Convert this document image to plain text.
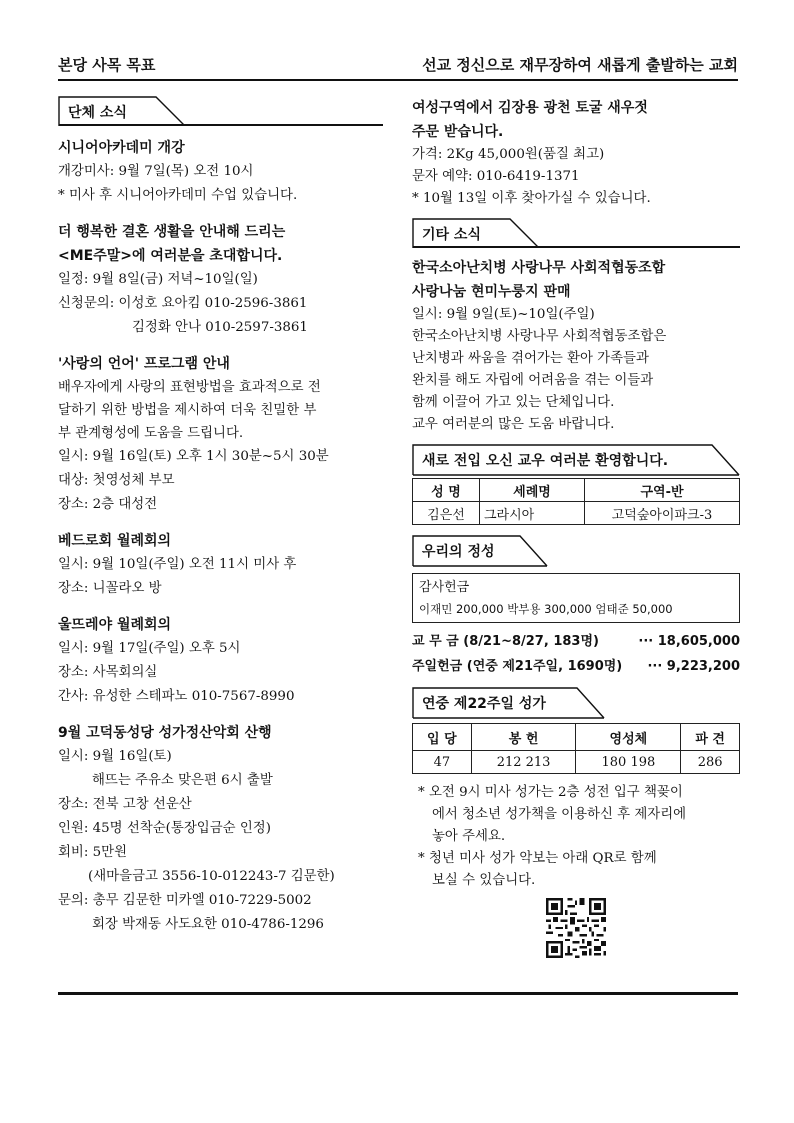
본당 사목 목표	선교 정신으로 재무장하여 새롭게 출발하는 교회
단체 소식

시니어아카데미 개강

개강미사: 9월 7일(목) 오전 10시

* 미사 후 시니어아카데미 수업 있습니다.

더 행복한 결혼 생활을 안내해 드리는

<ME주말>에 여러분을 초대합니다.

일정: 9월 8일(금) 저녁~10일(일)

신청문의: 이성호 요아킴 010-2596-3861

김정화 안나 010-2597-3861

'사랑의 언어' 프로그램 안내

배우자에게 사랑의 표현방법을 효과적으로 전

달하기 위한 방법을 제시하여 더욱 친밀한 부

부 관계형성에 도움을 드립니다.

일시: 9월 16일(토) 오후 1시 30분~5시 30분

대상: 첫영성체 부모

장소: 2층 대성전

베드로회 월례회의

일시: 9월 10일(주일) 오전 11시 미사 후

장소: 니꼴라오 방

울뜨레야 월례회의

일시: 9월 17일(주일) 오후 5시

장소: 사목회의실

간사: 유성한 스테파노 010-7567-8990

9월 고덕동성당 성가정산악회 산행

일시: 9월 16일(토)

해뜨는 주유소 맞은편 6시 출발

장소: 전북 고창 선운산

인원: 45명 선착순(통장입금순 인정)

회비: 5만원

(새마을금고 3556-10-012243-7 김문한)

문의: 총무 김문한 미카엘 010-7229-5002

회장 박재동 사도요한 010-4786-1296

여성구역에서 김장용 광천 토굴 새우젓

주문 받습니다.

가격: 2Kg 45,000원(품질 최고)

문자 예약: 010-6419-1371

* 10월 13일 이후 찾아가실 수 있습니다.

기타 소식

한국소아난치병 사랑나무 사회적협동조합

사랑나눔 현미누룽지 판매

일시: 9월 9일(토)~10일(주일)

한국소아난치병 사랑나무 사회적협동조합은

난치병과 싸움을 겪어가는 환아 가족들과

완치를 해도 자립에 어려움을 겪는 이들과

함께 이끌어 가고 있는 단체입니다.

교우 여러분의 많은 도움 바랍니다.

새로 전입 오신 교우 여러분 환영합니다.
성 명	세례명	구역-반
김은선	그라시아	고덕숲아이파크-3
우리의 정성
감사헌금
이재민 200,000 박부용 300,000 엄태준 50,000
교 무 금 (8/21~8/27, 183명)	··· 18,605,000
주일헌금 (연중 제21주일, 1690명) ··· 9,223,200
연중 제22주일 성가
입 당	봉 헌	영성체	파 견
47	212 213	180 198	286

* 오전 9시 미사 성가는 2층 성전 입구 책꽂이

에서 청소년 성가책을 이용하신 후 제자리에

놓아 주세요.

* 청년 미사 성가 악보는 아래 QR로 함께

보실 수 있습니다.
